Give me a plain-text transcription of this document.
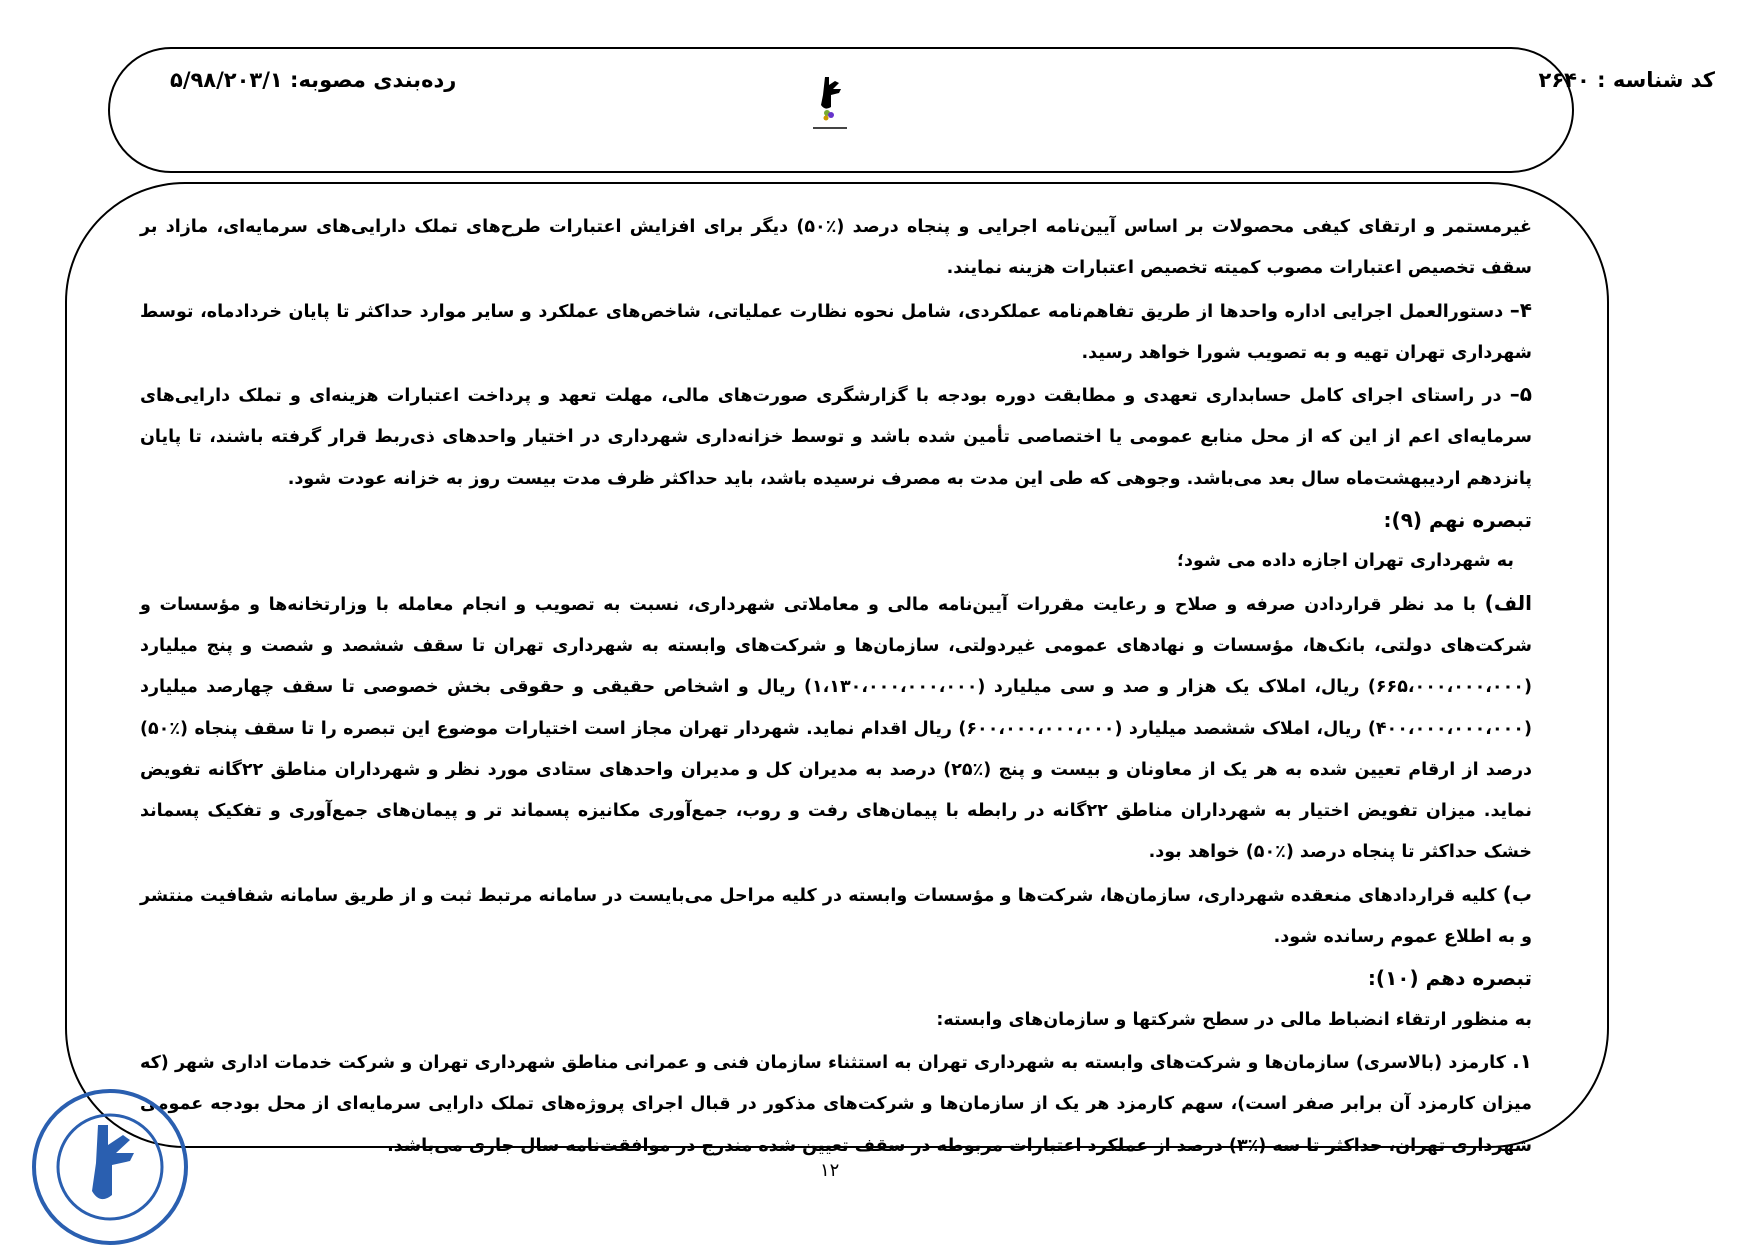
کد شناسه : ۲۶۴۰
رده‌بندی مصوبه: ۵/۹۸/۲۰۳/۱

غیرمستمر و ارتقای کیفی محصولات بر اساس آیین‌نامه اجرایی و پنجاه درصد (٪۵۰) دیگر برای افزایش اعتبارات طرح‌های تملک دارایی‌های سرمایه‌ای، مازاد بر سقف تخصیص اعتبارات مصوب کمیته تخصیص اعتبارات هزینه نمایند.

۴– دستورالعمل اجرایی اداره واحدها از طریق تفاهم‌نامه عملکردی، شامل نحوه نظارت عملیاتی، شاخص‌های عملکرد و سایر موارد حداکثر تا پایان خردادماه، توسط شهرداری تهران تهیه و به تصویب شورا خواهد رسید.

۵– در راستای اجرای کامل حسابداری تعهدی و مطابقت دوره بودجه با گزارشگری صورت‌های مالی، مهلت تعهد و پرداخت اعتبارات هزینه‌ای و تملک دارایی‌های سرمایه‌ای اعم از این که از محل منابع عمومی یا اختصاصی تأمین شده باشد و توسط خزانه‌داری شهرداری در اختیار واحدهای ذی‌ربط قرار گرفته باشند، تا پایان پانزدهم اردیبهشت‌ماه سال بعد می‌باشد. وجوهی که طی این مدت به مصرف نرسیده باشد، باید حداکثر ظرف مدت بیست روز به خزانه عودت شود.

تبصره نهم (۹):

به شهرداری تهران اجازه داده می شود؛

الف) با مد نظر قراردادن صرفه و صلاح و رعایت مقررات آیین‌نامه مالی و معاملاتی شهرداری، نسبت به تصویب و انجام معامله با وزارتخانه‌ها و مؤسسات و شرکت‌های دولتی، بانک‌ها، مؤسسات و نهادهای عمومی غیردولتی، سازمان‌ها و شرکت‌های وابسته به شهرداری تهران تا سقف ششصد و شصت و پنج میلیارد (۶۶۵،۰۰۰،۰۰۰،۰۰۰) ریال، املاک یک هزار و صد و سی میلیارد (۱،۱۳۰،۰۰۰،۰۰۰،۰۰۰) ریال و اشخاص حقیقی و حقوقی بخش خصوصی تا سقف چهارصد میلیارد (۴۰۰،۰۰۰،۰۰۰،۰۰۰) ریال، املاک ششصد میلیارد (۶۰۰،۰۰۰،۰۰۰،۰۰۰) ریال اقدام نماید. شهردار تهران مجاز است اختیارات موضوع این تبصره را تا سقف پنجاه (٪۵۰) درصد از ارقام تعیین شده به هر یک از معاونان و بیست و پنج (٪۲۵) درصد به مدیران کل و مدیران واحدهای ستادی مورد نظر و شهرداران مناطق ۲۲گانه تفویض نماید. میزان تفویض اختیار به شهرداران مناطق ۲۲گانه در رابطه با پیمان‌های رفت و روب، جمع‌آوری مکانیزه پسماند تر و پیمان‌های جمع‌آوری و تفکیک پسماند خشک حداکثر تا پنجاه درصد (٪۵۰) خواهد بود.

ب) کلیه قراردادهای منعقده شهرداری، سازمان‌ها، شرکت‌ها و مؤسسات وابسته در کلیه مراحل می‌بایست در سامانه مرتبط ثبت و از طریق سامانه شفافیت منتشر و به اطلاع عموم رسانده شود.

تبصره دهم (۱۰):

به منظور ارتقاء انضباط مالی در سطح شرکتها و سازمان‌های وابسته:

۱. کارمزد (بالاسری) سازمان‌ها و شرکت‌های وابسته به شهرداری تهران به استثناء سازمان فنی و عمرانی مناطق شهرداری تهران و شرکت خدمات اداری شهر (که میزان کارمزد آن برابر صفر است)، سهم کارمزد هر یک از سازمان‌ها و شرکت‌های مذکور در قبال اجرای پروژه‌های تملک دارایی سرمایه‌ای از محل بودجه عمومی شهرداری تهران، حداکثر تا سه (٪۳) درصد از عملکرد اعتبارات مربوطه در سقف تعیین شده مندرج در موافقت‌نامه سال جاری می‌باشد.

۱۲
